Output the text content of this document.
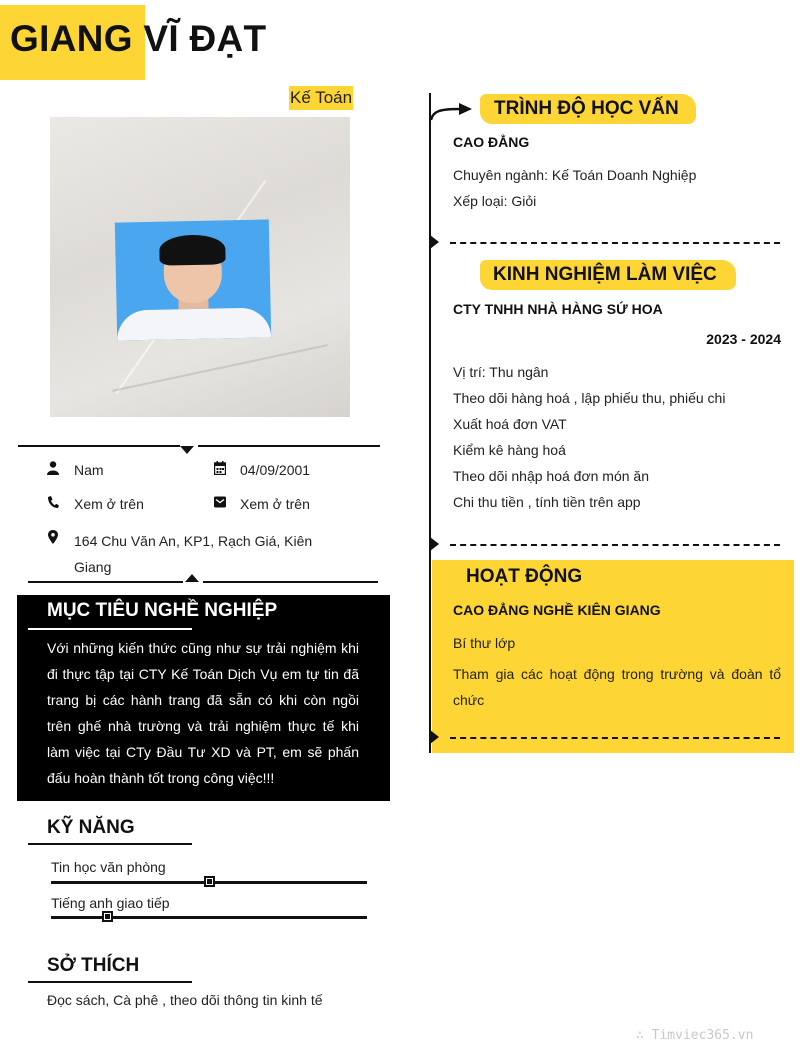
GIANG VĨ ĐẠT
Kế Toán
Nam	04/09/2001
Xem ở trên	Xem ở trên
164 Chu Văn An, KP1, Rạch Giá, Kiên Giang
MỤC TIÊU NGHỀ NGHIỆP
Với những kiến thức cũng như sự trải nghiệm khi đi thực tập tại CTY Kế Toán Dịch Vụ em tự tin đã trang bị các hành trang đã sẵn có khi còn ngồi trên ghế nhà trường và trải nghiệm thực tế khi làm việc tại CTy Đầu Tư XD và PT, em sẽ phấn đấu hoàn thành tốt trong công việc!!!
KỸ NĂNG
Tin học văn phòng
Tiếng anh giao tiếp
SỞ THÍCH
Đọc sách, Cà phê , theo dõi thông tin kinh tế
TRÌNH ĐỘ HỌC VẤN
CAO ĐẲNG
Chuyên ngành: Kế Toán Doanh Nghiệp
Xếp loại: Giỏi
KINH NGHIỆM LÀM VIỆC
CTY TNHH NHÀ HÀNG SỨ HOA
2023 - 2024
Vị trí: Thu ngân
Theo dõi hàng hoá , lập phiếu thu, phiếu chi
Xuất hoá đơn VAT
Kiểm kê hàng hoá
Theo dõi nhập hoá đơn món ăn
Chi thu tiền , tính tiền trên app
HOẠT ĐỘNG
CAO ĐẲNG NGHỀ KIÊN GIANG
Bí thư lớp
Tham gia các hoạt động trong trường và đoàn tổ chức
∴ Timviec365.vn
